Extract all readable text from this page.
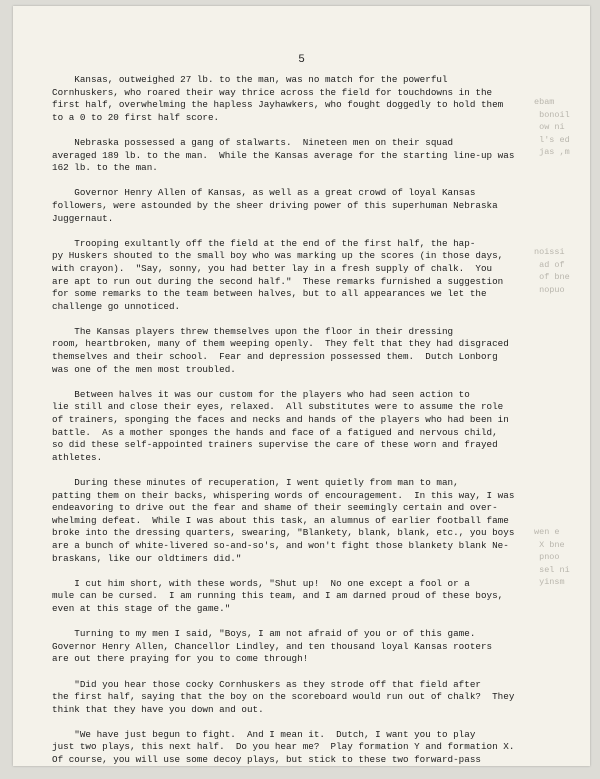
5
Kansas, outweighed 27 lb. to the man, was no match for the powerful
Cornhuskers, who roared their way thrice across the field for touchdowns in the
first half, overwhelming the hapless Jayhawkers, who fought doggedly to hold them
to a 0 to 20 first half score.
Nebraska possessed a gang of stalwarts.  Nineteen men on their squad
averaged 189 lb. to the man.  While the Kansas average for the starting line-up was
162 lb. to the man.
Governor Henry Allen of Kansas, as well as a great crowd of loyal Kansas
followers, were astounded by the sheer driving power of this superhuman Nebraska
Juggernaut.
Trooping exultantly off the field at the end of the first half, the hap-
py Huskers shouted to the small boy who was marking up the scores (in those days,
with crayon).  "Say, sonny, you had better lay in a fresh supply of chalk.  You
are apt to run out during the second half."  These remarks furnished a suggestion
for some remarks to the team between halves, but to all appearances we let the
challenge go unnoticed.
The Kansas players threw themselves upon the floor in their dressing
room, heartbroken, many of them weeping openly.  They felt that they had disgraced
themselves and their school.  Fear and depression possessed them.  Dutch Lonborg
was one of the men most troubled.
Between halves it was our custom for the players who had seen action to
lie still and close their eyes, relaxed.  All substitutes were to assume the role
of trainers, sponging the faces and necks and hands of the players who had been in
battle.  As a mother sponges the hands and face of a fatigued and nervous child,
so did these self-appointed trainers supervise the care of these worn and frayed
athletes.
During these minutes of recuperation, I went quietly from man to man,
patting them on their backs, whispering words of encouragement.  In this way, I was
endeavoring to drive out the fear and shame of their seemingly certain and over-
whelming defeat.  While I was about this task, an alumnus of earlier football fame
broke into the dressing quarters, swearing, "Blankety, blank, blank, etc., you boys
are a bunch of white-livered so-and-so's, and won't fight those blankety blank Ne-
braskans, like our oldtimers did."
I cut him short, with these words, "Shut up!  No one except a fool or a
mule can be cursed.  I am running this team, and I am darned proud of these boys,
even at this stage of the game."
Turning to my men I said, "Boys, I am not afraid of you or of this game.
Governor Henry Allen, Chancellor Lindley, and ten thousand loyal Kansas rooters
are out there praying for you to come through!
"Did you hear those cocky Cornhuskers as they strode off that field after
the first half, saying that the boy on the scoreboard would run out of chalk?  They
think that they have you down and out.
"We have just begun to fight.  And I mean it.  Dutch, I want you to play
just two plays, this next half.  Do you hear me?  Play formation Y and formation X.
Of course, you will use some decoy plays, but stick to these two forward-pass
ebam
bonoil
ow ni
l's ed
jas ,m
noissi
ad of
of bne
nopuo
wen e
X bne
pnoo
sel ni
yinsm
